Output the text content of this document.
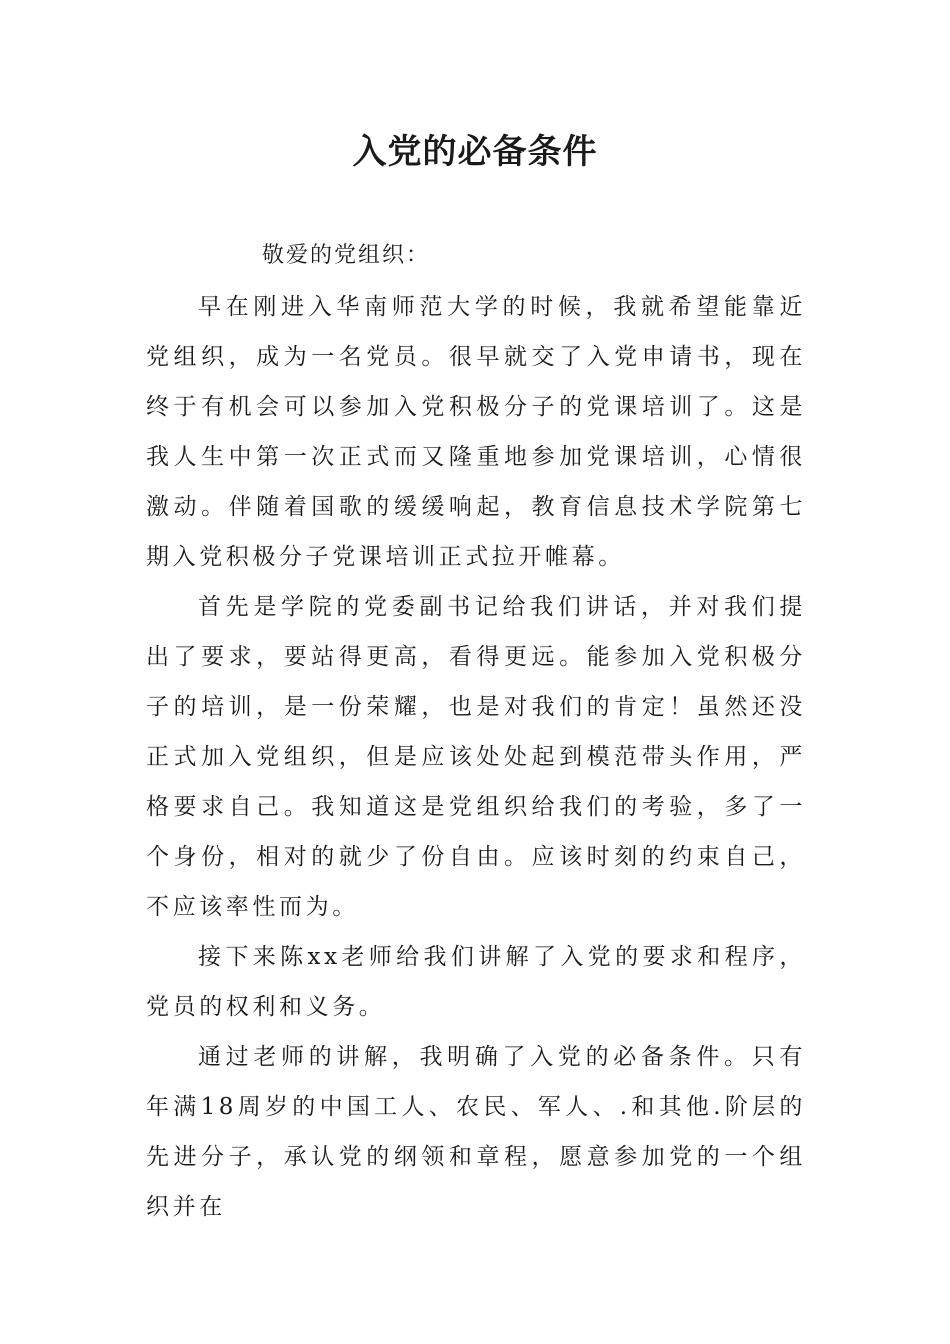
入党的必备条件

敬爱的党组织：

早在刚进入华南师范大学的时候，我就希望能靠近党组织，成为一名党员。很早就交了入党申请书，现在终于有机会可以参加入党积极分子的党课培训了。这是我人生中第一次正式而又隆重地参加党课培训，心情很激动。伴随着国歌的缓缓响起，教育信息技术学院第七期入党积极分子党课培训正式拉开帷幕。

首先是学院的党委副书记给我们讲话，并对我们提出了要求，要站得更高，看得更远。能参加入党积极分子的培训，是一份荣耀，也是对我们的肯定！虽然还没正式加入党组织，但是应该处处起到模范带头作用，严格要求自己。我知道这是党组织给我们的考验，多了一个身份，相对的就少了份自由。应该时刻的约束自己，不应该率性而为。

接下来陈xx老师给我们讲解了入党的要求和程序，党员的权利和义务。

通过老师的讲解，我明确了入党的必备条件。只有年满18周岁的中国工人、农民、军人、.和其他.阶层的先进分子，承认党的纲领和章程，愿意参加党的一个组织并在
